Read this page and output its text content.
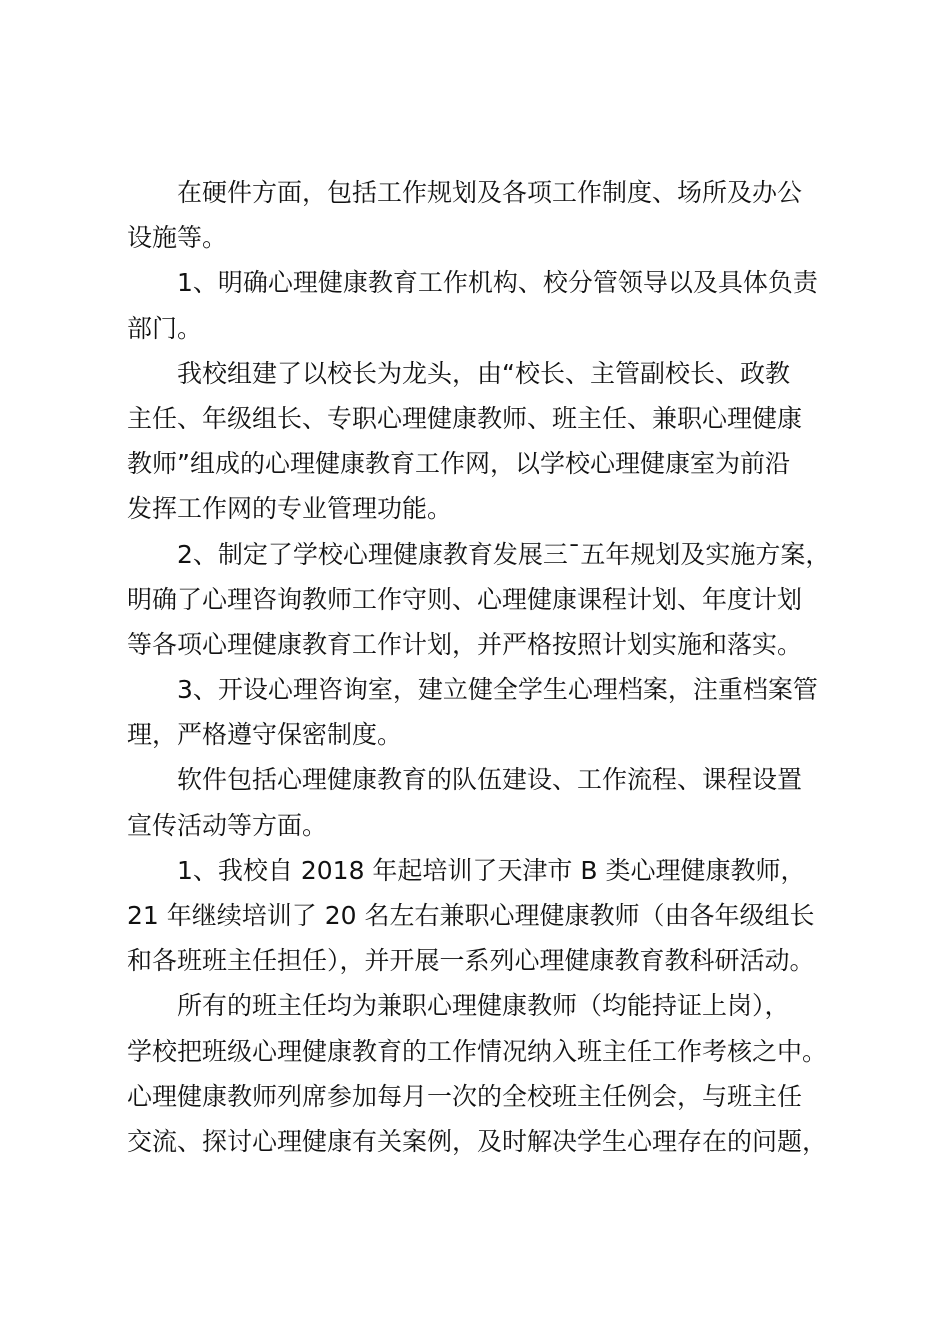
在硬件方面，包括工作规划及各项工作制度、场所及办公
设施等。
1、明确心理健康教育工作机构、校分管领导以及具体负责
部门。
我校组建了以校长为龙头，由“校长、主管副校长、政教
主任、年级组长、专职心理健康教师、班主任、兼职心理健康
教师”组成的心理健康教育工作网，以学校心理健康室为前沿
发挥工作网的专业管理功能。
2、制定了学校心理健康教育发展三¯五年规划及实施方案，
明确了心理咨询教师工作守则、心理健康课程计划、年度计划
等各项心理健康教育工作计划，并严格按照计划实施和落实。
3、开设心理咨询室，建立健全学生心理档案，注重档案管
理，严格遵守保密制度。
软件包括心理健康教育的队伍建设、工作流程、课程设置
宣传活动等方面。
1、我校自 2018 年起培训了天津市 B 类心理健康教师，
21 年继续培训了 20 名左右兼职心理健康教师（由各年级组长
和各班班主任担任），并开展一系列心理健康教育教科研活动。
所有的班主任均为兼职心理健康教师（均能持证上岗），
学校把班级心理健康教育的工作情况纳入班主任工作考核之中。
心理健康教师列席参加每月一次的全校班主任例会，与班主任
交流、探讨心理健康有关案例，及时解决学生心理存在的问题，
